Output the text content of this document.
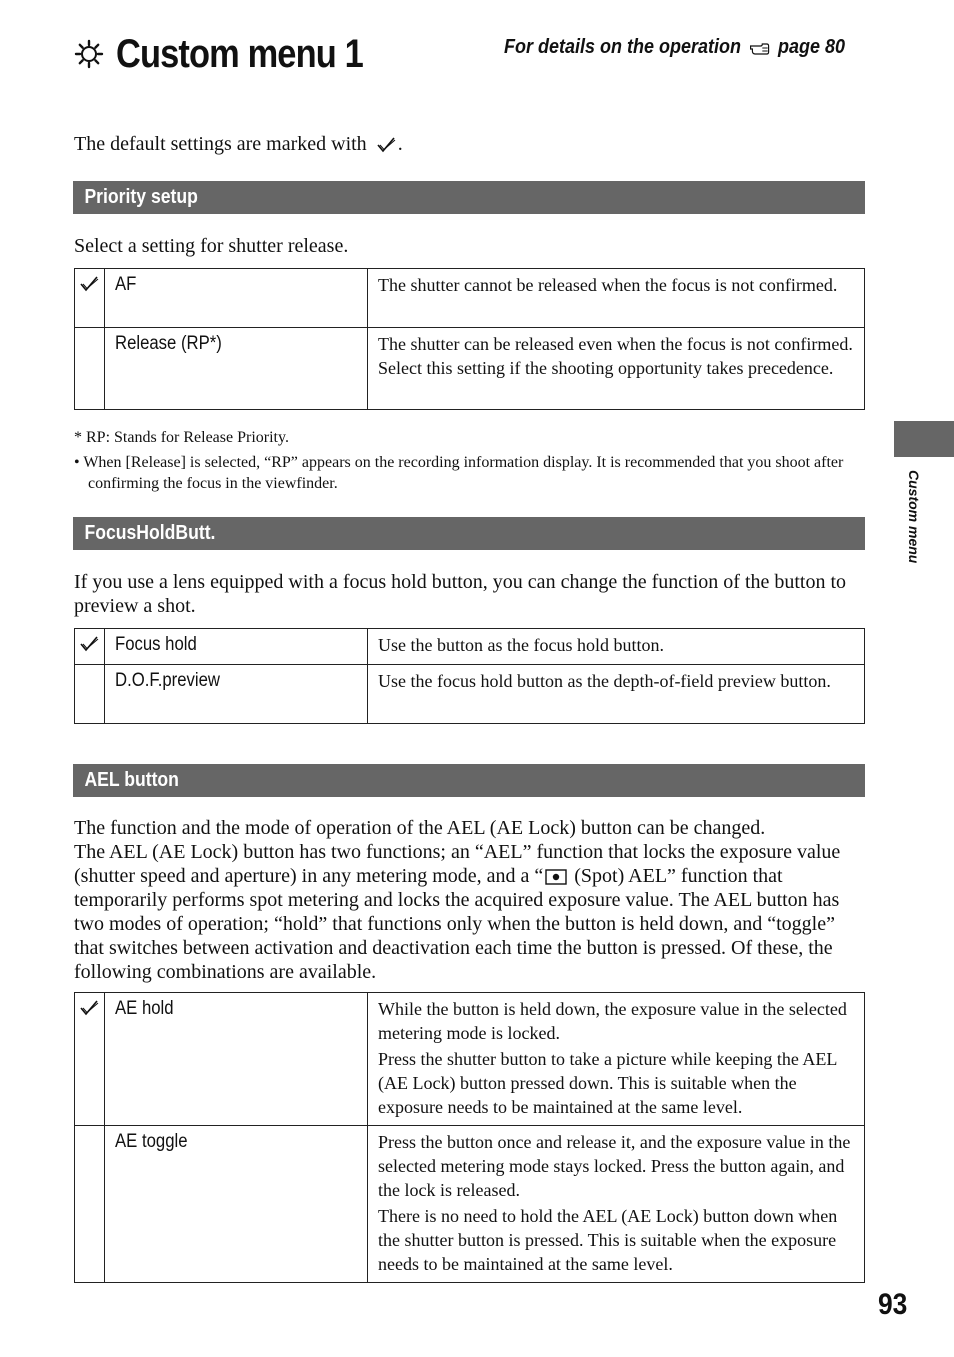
Custom menu 1	For details on the operation page 80
The default settings are marked with .
Priority setup
Select a setting for shutter release.
	AF	The shutter cannot be released when the focus is not confirmed.

	Release (RP*)	The shutter can be released even when the focus is not confirmed. Select this setting if the shooting opportunity takes precedence.

* RP: Stands for Release Priority.
• When [Release] is selected, “RP” appears on the recording information display. It is recommended that you shoot after confirming the focus in the viewfinder.
FocusHoldButt.
If you use a lens equipped with a focus hold button, you can change the function of the button to preview a shot.
	Focus hold	Use the button as the focus hold button.

	D.O.F.preview	Use the focus hold button as the depth-of-field preview button.

AEL button

The function and the mode of operation of the AEL (AE Lock) button can be changed.

The AEL (AE Lock) button has two functions; an “AEL” function that locks the exposure value (shutter speed and aperture) in any metering mode, and a “ (Spot) AEL” function that temporarily performs spot metering and locks the acquired exposure value. The AEL button has two modes of operation; “hold” that functions only when the button is held down, and “toggle” that switches between activation and deactivation each time the button is pressed. Of these, the following combinations are available.

	AE hold	While the button is held down, the exposure value in the selected metering mode is locked.

Press the shutter button to take a picture while keeping the AEL (AE Lock) button pressed down. This is suitable when the exposure needs to be maintained at the same level.

	AE toggle	Press the button once and release it, and the exposure value in the selected metering mode stays locked. Press the button again, and the lock is released.

There is no need to hold the AEL (AE Lock) button down when the shutter button is pressed. This is suitable when the exposure needs to be maintained at the same level.

Custom menu
93
